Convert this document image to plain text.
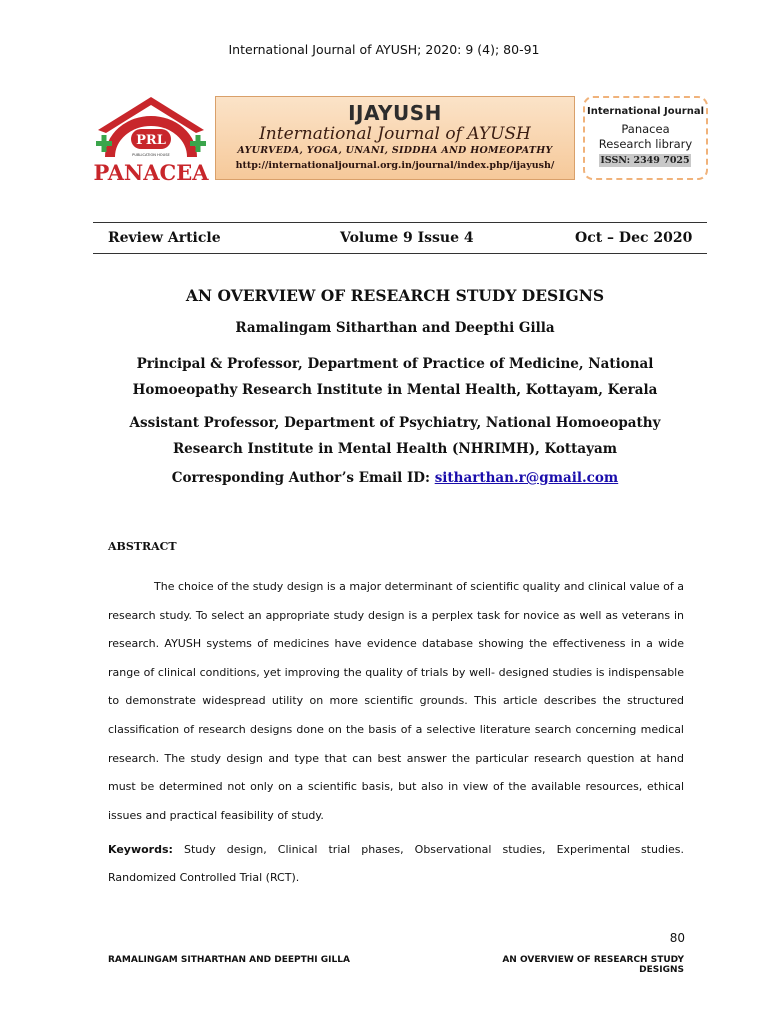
International Journal of AYUSH; 2020: 9 (4); 80-91
PRL
PUBLICATION HOUSE
PANACEA
IJAYUSH
International Journal of AYUSH
AYURVEDA, YOGA, UNANI, SIDDHA AND HOMEOPATHY
http://internationaljournal.org.in/journal/index.php/ijayush/
International Journal
Panacea
Research library
ISSN: 2349 7025
Review Article	Volume 9 Issue 4	Oct – Dec 2020
AN OVERVIEW OF RESEARCH STUDY DESIGNS
Ramalingam Sitharthan and Deepthi Gilla
Principal & Professor, Department of Practice of Medicine, National Homoeopathy Research Institute in Mental Health, Kottayam, Kerala
Assistant Professor, Department of Psychiatry, National Homoeopathy Research Institute in Mental Health (NHRIMH), Kottayam
Corresponding Author’s Email ID: sitharthan.r@gmail.com
ABSTRACT
The choice of the study design is a major determinant of scientific quality and clinical value of a research study. To select an appropriate study design is a perplex task for novice as well as veterans in research. AYUSH systems of medicines have evidence database showing the effectiveness in a wide range of clinical conditions, yet improving the quality of trials by well- designed studies is indispensable to demonstrate widespread utility on more scientific grounds. This article describes the structured classification of research designs done on the basis of a selective literature search concerning medical research. The study design and type that can best answer the particular research question at hand must be determined not only on a scientific basis, but also in view of the available resources, ethical issues and practical feasibility of study.
Keywords: Study design, Clinical trial phases, Observational studies, Experimental studies. Randomized Controlled Trial (RCT).
80
RAMALINGAM SITHARTHAN AND DEEPTHI GILLA	AN OVERVIEW OF RESEARCH STUDY DESIGNS
